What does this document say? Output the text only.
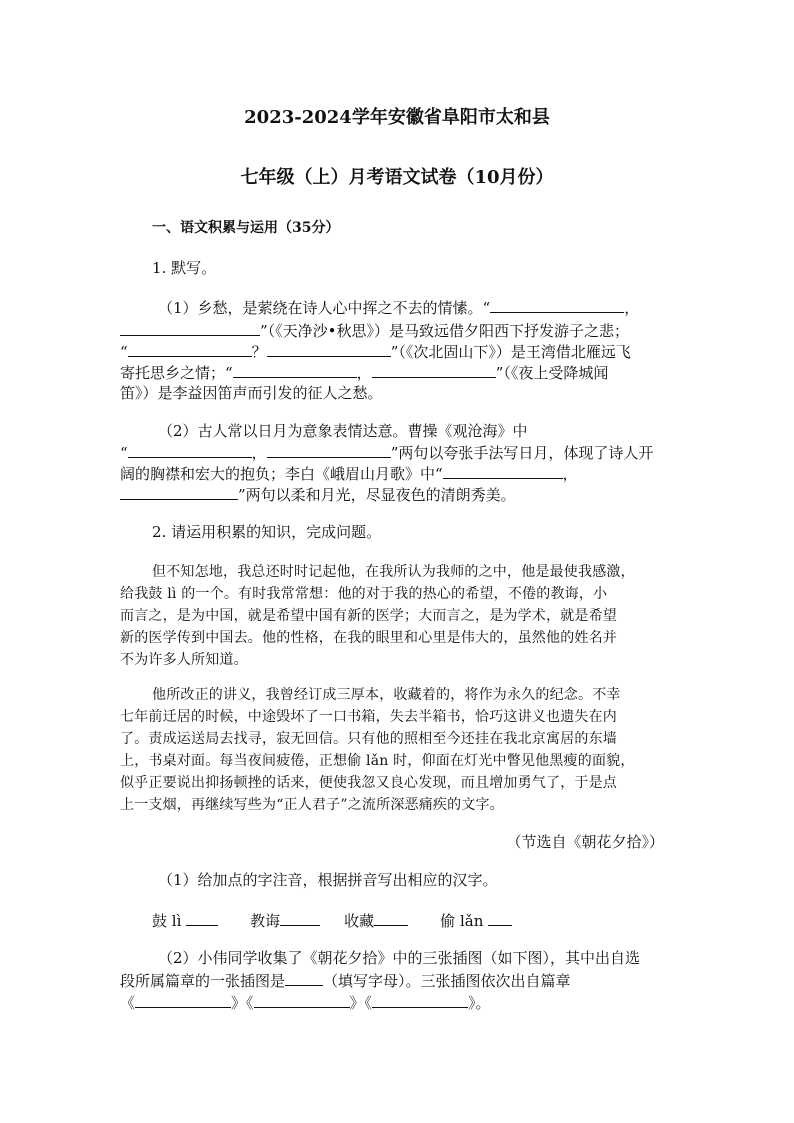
2023-2024学年安徽省阜阳市太和县
七年级（上）月考语文试卷（10月份）
一、语文积累与运用（35分）
1. 默写。
（1）乡愁，是萦绕在诗人心中挥之不去的情愫。“	，
”（《天净沙•秋思》）是马致远借夕阳西下抒发游子之悲；
“	？	”（《次北固山下》）是王湾借北雁远飞
寄托思乡之情；“	，	”（《夜上受降城闻
笛》）是李益因笛声而引发的征人之愁。
（2）古人常以日月为意象表情达意。曹操《观沧海》中
“	，	”两句以夸张手法写日月，体现了诗人开
阔的胸襟和宏大的抱负；李白《峨眉山月歌》中“	，
”两句以柔和月光，尽显夜色的清朗秀美。
2. 请运用积累的知识，完成问题。
但不知怎地，我总还时时记起他，在我所认为我师的之中，他是最使我感激，
给我鼓 lì 的一个。有时我常常想：他的对于我的热心的希望，不倦的教诲，小
而言之，是为中国，就是希望中国有新的医学；大而言之，是为学术，就是希望
新的医学传到中国去。他的性格，在我的眼里和心里是伟大的，虽然他的姓名并
不为许多人所知道。
他所改正的讲义，我曾经订成三厚本，收藏着的，将作为永久的纪念。不幸
七年前迁居的时候，中途毁坏了一口书箱，失去半箱书，恰巧这讲义也遗失在内
了。责成运送局去找寻，寂无回信。只有他的照相至今还挂在我北京寓居的东墙
上，书桌对面。每当夜间疲倦，正想偷 lǎn 时，仰面在灯光中瞥见他黑瘦的面貌，
似乎正要说出抑扬顿挫的话来，便使我忽又良心发现，而且增加勇气了，于是点
上一支烟，再继续写些为“正人君子”之流所深恶痛疾的文字。
（节选自《朝花夕拾》）
（1）给加点的字注音，根据拼音写出相应的汉字。
鼓 lì	教诲	收藏	偷 lǎn
（2）小伟同学收集了《朝花夕拾》中的三张插图（如下图），其中出自选
段所属篇章的一张插图是	（填写字母）。三张插图依次出自篇章
《	》《	》《	》。
